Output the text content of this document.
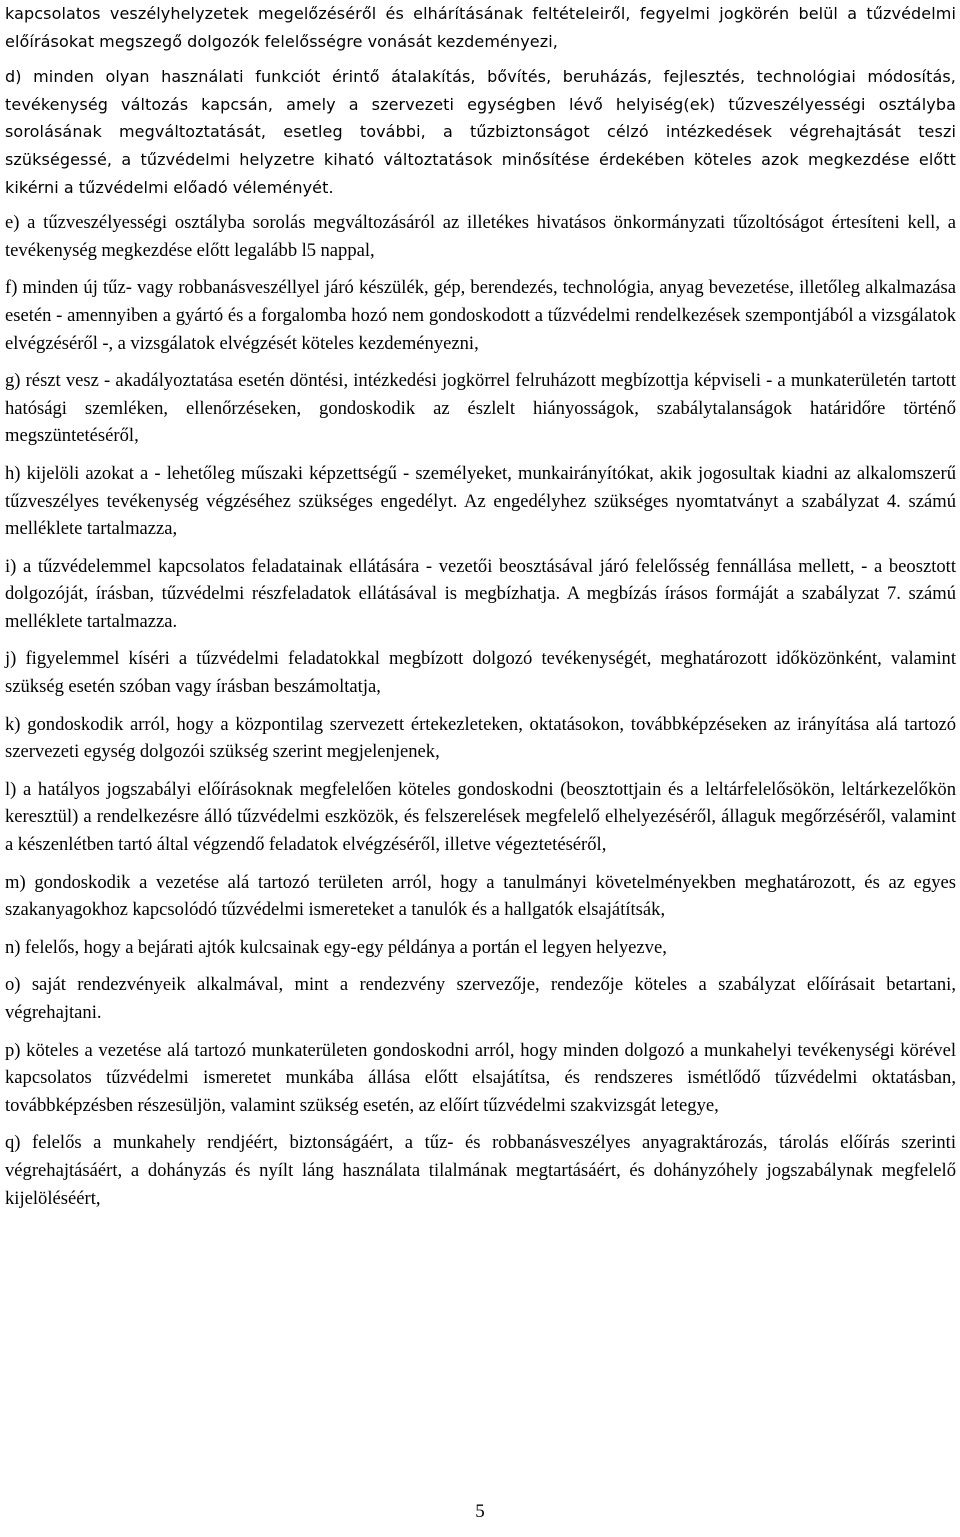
kapcsolatos veszélyhelyzetek megelőzéséről és elhárításának feltételeiről, fegyelmi jogkörén belül a tűzvédelmi előírásokat megszegő dolgozók felelősségre vonását kezdeményezi,

d) minden olyan használati funkciót érintő átalakítás, bővítés, beruházás, fejlesztés, technológiai módosítás, tevékenység változás kapcsán, amely a szervezeti egységben lévő helyiség(ek) tűzveszélyességi osztályba sorolásának megváltoztatását, esetleg további, a tűzbiztonságot célzó intézkedések végrehajtását teszi szükségessé, a tűzvédelmi helyzetre kiható változtatások minősítése érdekében köteles azok megkezdése előtt kikérni a tűzvédelmi előadó véleményét.

e) a tűzveszélyességi osztályba sorolás megváltozásáról az illetékes hivatásos önkormányzati tűzoltóságot értesíteni kell, a tevékenység megkezdése előtt legalább l5 nappal,

f) minden új tűz- vagy robbanásveszéllyel járó készülék, gép, berendezés, technológia, anyag bevezetése, illetőleg alkalmazása esetén - amennyiben a gyártó és a forgalomba hozó nem gondoskodott a tűzvédelmi rendelkezések szempontjából a vizsgálatok elvégzéséről -, a vizsgálatok elvégzését köteles kezdeményezni,

g) részt vesz - akadályoztatása esetén döntési, intézkedési jogkörrel felruházott megbízottja képviseli - a munkaterületén tartott hatósági szemléken, ellenőrzéseken, gondoskodik az észlelt hiányosságok, szabálytalanságok határidőre történő megszüntetéséről,

h) kijelöli azokat a - lehetőleg műszaki képzettségű - személyeket, munkairányítókat, akik jogosultak kiadni az alkalomszerű tűzveszélyes tevékenység végzéséhez szükséges engedélyt. Az engedélyhez szükséges nyomtatványt a szabályzat 4. számú melléklete tartalmazza,

i) a tűzvédelemmel kapcsolatos feladatainak ellátására - vezetői beosztásával járó felelősség fennállása mellett, - a beosztott dolgozóját, írásban, tűzvédelmi részfeladatok ellátásával is megbízhatja. A megbízás írásos formáját a szabályzat 7. számú melléklete tartalmazza.

j) figyelemmel kíséri a tűzvédelmi feladatokkal megbízott dolgozó tevékenységét, meghatározott időközönként, valamint szükség esetén szóban vagy írásban beszámoltatja,

k) gondoskodik arról, hogy a központilag szervezett értekezleteken, oktatásokon, továbbképzéseken az irányítása alá tartozó szervezeti egység dolgozói szükség szerint megjelenjenek,

l) a hatályos jogszabályi előírásoknak megfelelően köteles gondoskodni (beosztottjain és a leltárfelelősökön, leltárkezelőkön keresztül) a rendelkezésre álló tűzvédelmi eszközök, és felszerelések megfelelő elhelyezéséről, állaguk megőrzéséről, valamint a készenlétben tartó által végzendő feladatok elvégzéséről, illetve végeztetéséről,

m) gondoskodik a vezetése alá tartozó területen arról, hogy a tanulmányi követelményekben meghatározott, és az egyes szakanyagokhoz kapcsolódó tűzvédelmi ismereteket a tanulók és a hallgatók elsajátítsák,

n) felelős, hogy a bejárati ajtók kulcsainak egy-egy példánya a portán el legyen helyezve,

o) saját rendezvényeik alkalmával, mint a rendezvény szervezője, rendezője köteles a szabályzat előírásait betartani, végrehajtani.

p) köteles a vezetése alá tartozó munkaterületen gondoskodni arról, hogy minden dolgozó a munkahelyi tevékenységi körével kapcsolatos tűzvédelmi ismeretet munkába állása előtt elsajátítsa, és rendszeres ismétlődő tűzvédelmi oktatásban, továbbképzésben részesüljön, valamint szükség esetén, az előírt tűzvédelmi szakvizsgát letegye,

q) felelős a munkahely rendjéért, biztonságáért, a tűz- és robbanásveszélyes anyagraktározás, tárolás előírás szerinti végrehajtásáért, a dohányzás és nyílt láng használata tilalmának megtartásáért, és dohányzóhely jogszabálynak megfelelő kijelöléséért,

5
